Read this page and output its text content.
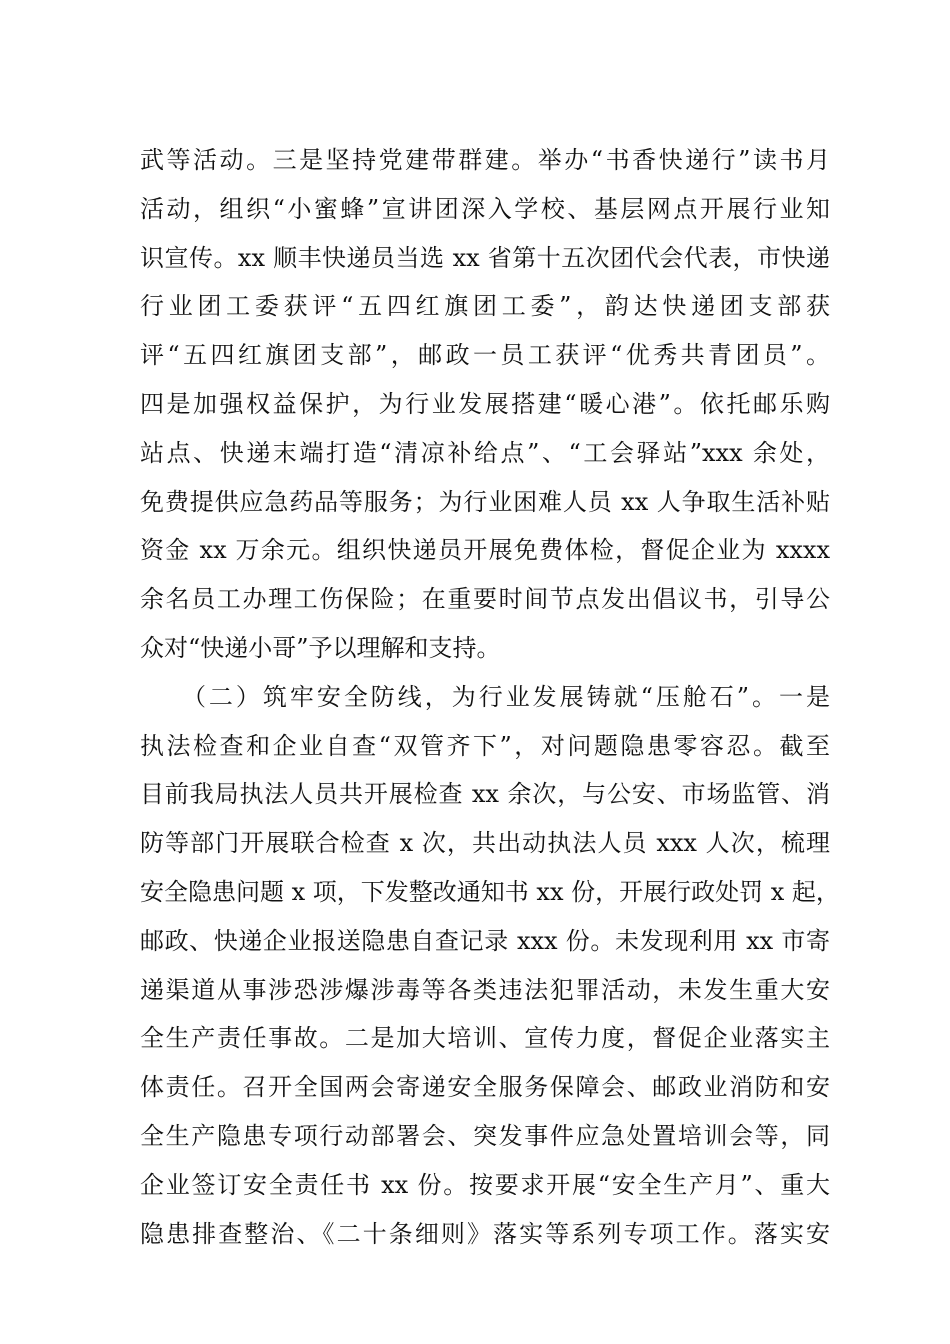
武等活动。三是坚持党建带群建。举办“书香快递行”读书月
活动，组织“小蜜蜂”宣讲团深入学校、基层网点开展行业知
识宣传。xx 顺丰快递员当选 xx 省第十五次团代会代表，市快递
行业团工委获评“五四红旗团工委”，韵达快递团支部获
评“五四红旗团支部”，邮政一员工获评“优秀共青团员”。
四是加强权益保护，为行业发展搭建“暖心港”。依托邮乐购
站点、快递末端打造“清凉补给点”、“工会驿站”xxx 余处，
免费提供应急药品等服务；为行业困难人员 xx 人争取生活补贴
资金 xx 万余元。组织快递员开展免费体检，督促企业为 xxxx
余名员工办理工伤保险；在重要时间节点发出倡议书，引导公
众对“快递小哥”予以理解和支持。
　　（二）筑牢安全防线，为行业发展铸就“压舱石”。一是
执法检查和企业自查“双管齐下”，对问题隐患零容忍。截至
目前我局执法人员共开展检查 xx 余次，与公安、市场监管、消
防等部门开展联合检查 x 次，共出动执法人员 xxx 人次，梳理
安全隐患问题 x 项，下发整改通知书 xx 份，开展行政处罚 x 起，
邮政、快递企业报送隐患自查记录 xxx 份。未发现利用 xx 市寄
递渠道从事涉恐涉爆涉毒等各类违法犯罪活动，未发生重大安
全生产责任事故。二是加大培训、宣传力度，督促企业落实主
体责任。召开全国两会寄递安全服务保障会、邮政业消防和安
全生产隐患专项行动部署会、突发事件应急处置培训会等，同
企业签订安全责任书 xx 份。按要求开展“安全生产月”、重大
隐患排查整治、《二十条细则》落实等系列专项工作。落实安
